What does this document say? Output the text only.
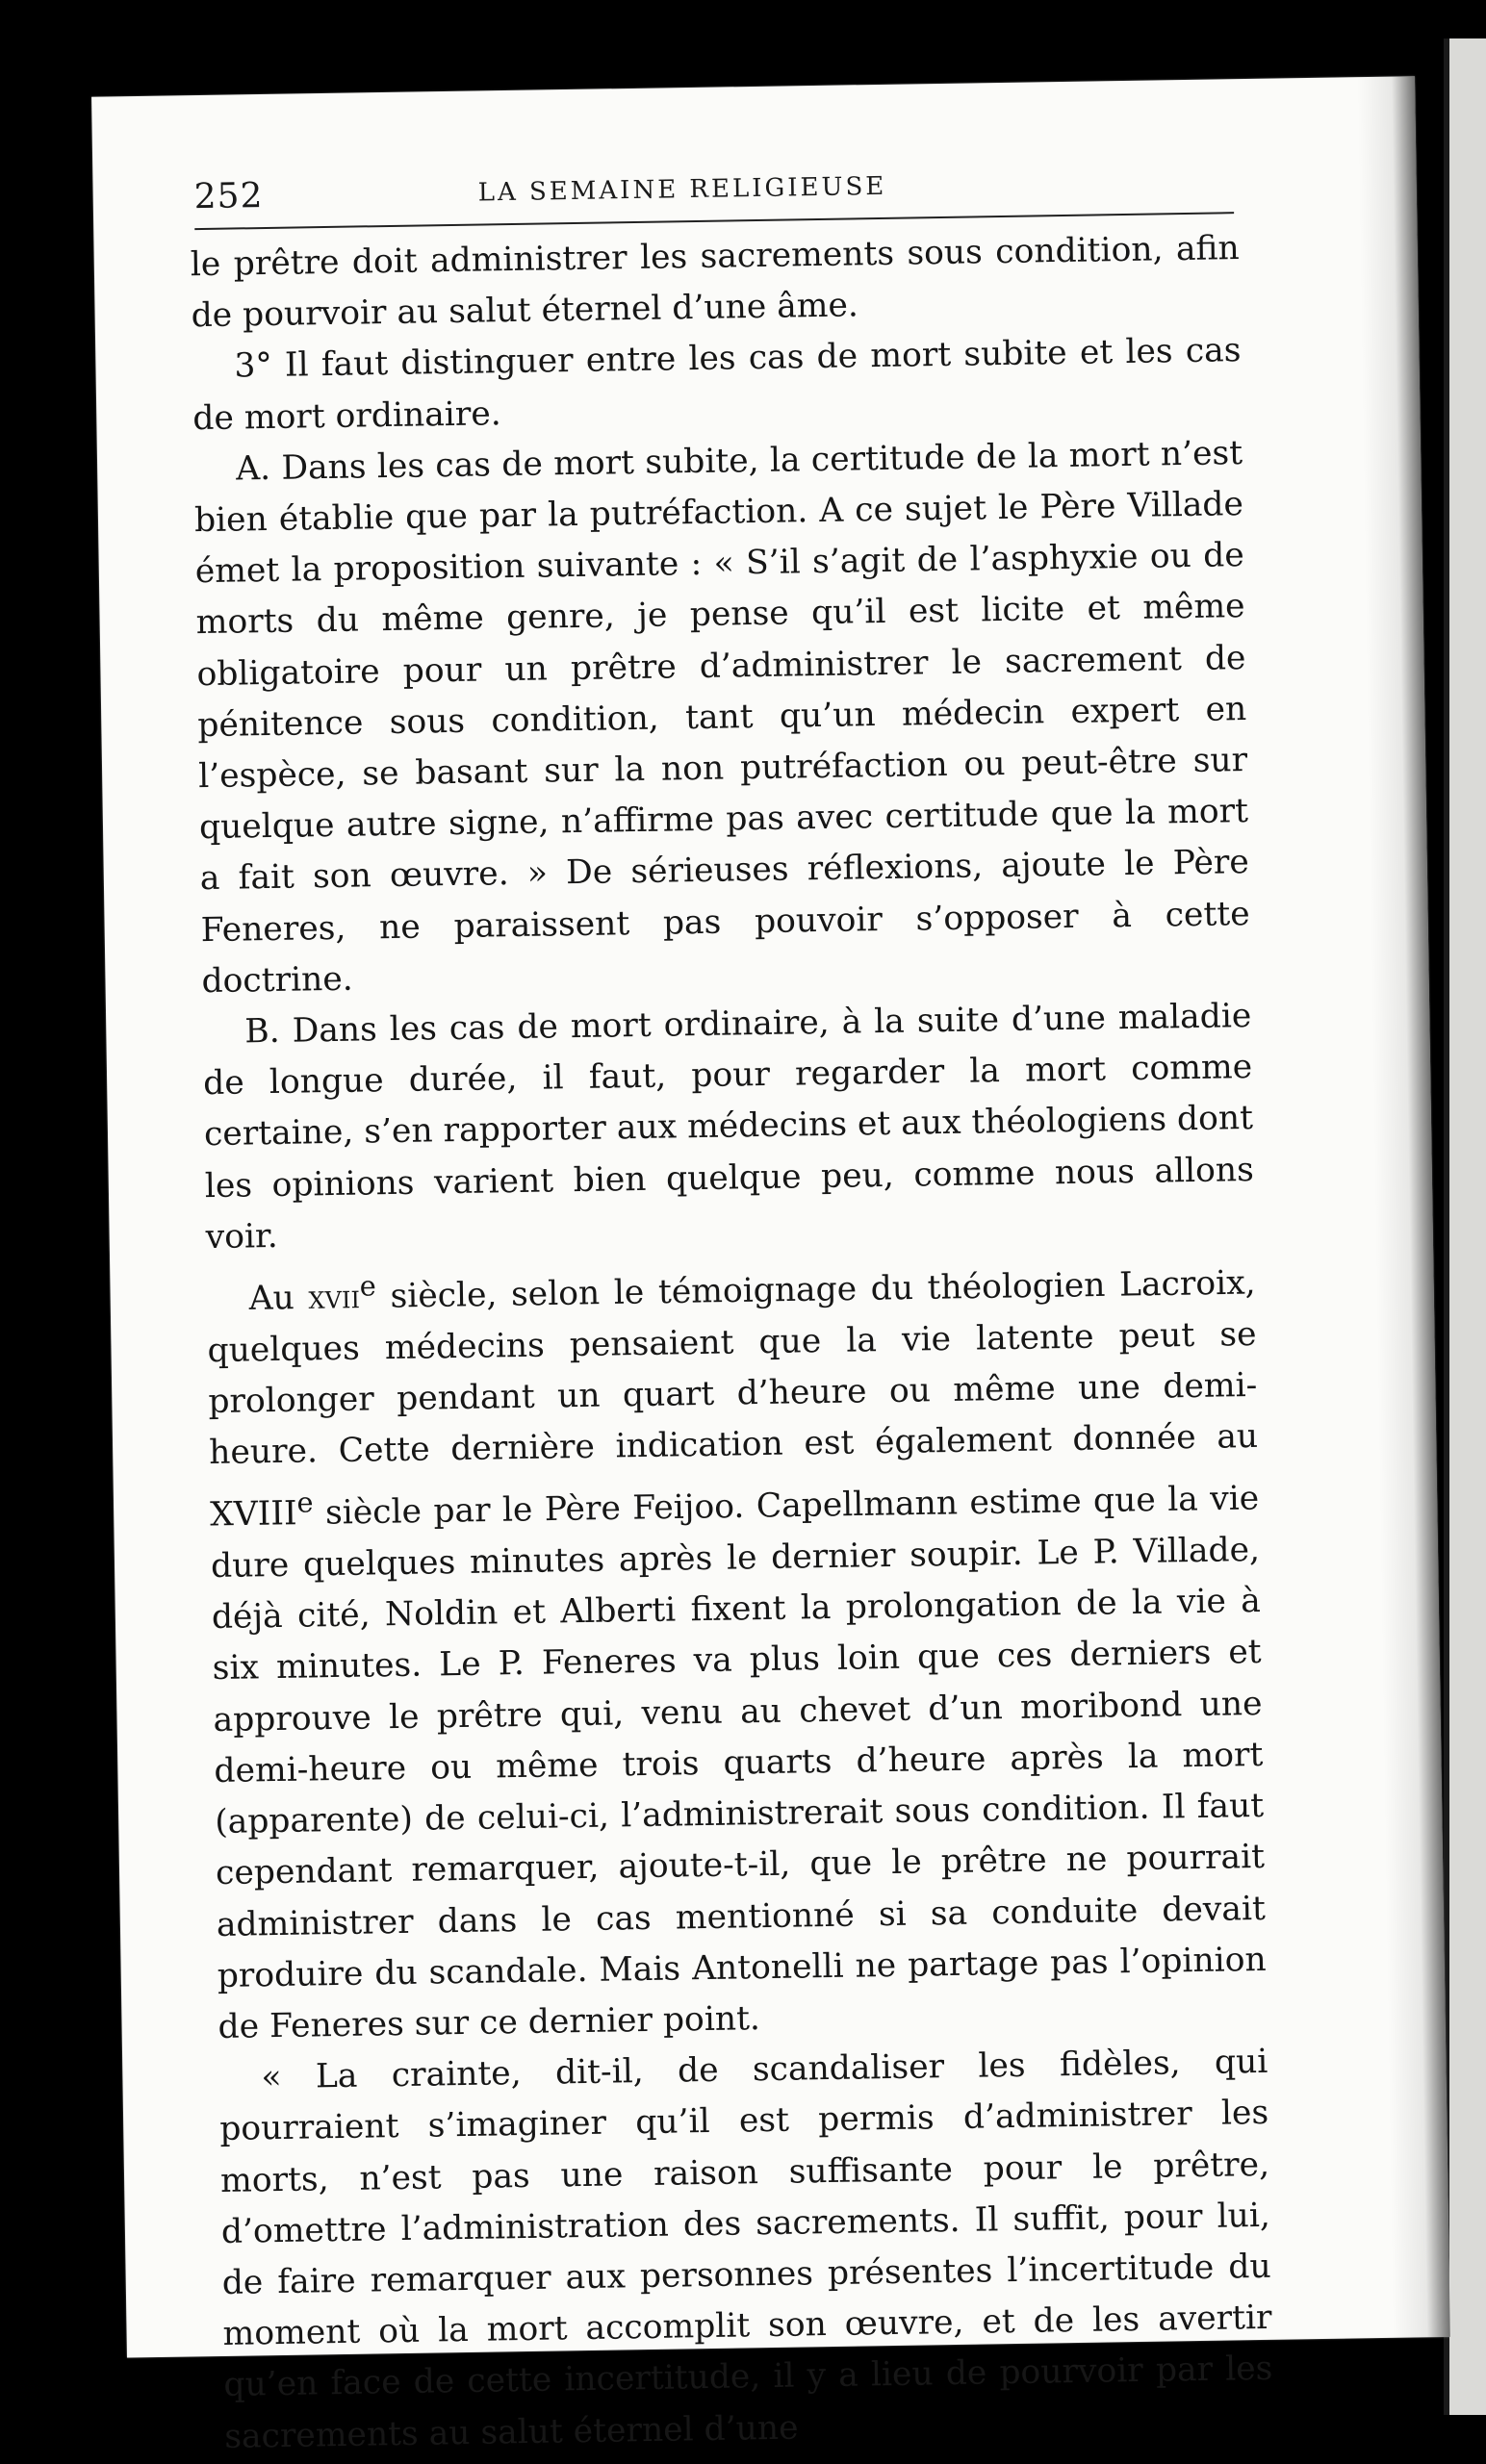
252	LA SEMAINE RELIGIEUSE

le prêtre doit administrer les sacrements sous condition, afin de pourvoir au salut éternel d’une âme.

3° Il faut distinguer entre les cas de mort subite et les cas de mort ordinaire.

A. Dans les cas de mort subite, la certitude de la mort n’est bien établie que par la putréfaction. A ce sujet le Père Villade émet la proposition suivante : « S’il s’agit de l’asphyxie ou de morts du même genre, je pense qu’il est licite et même obligatoire pour un prêtre d’administrer le sacrement de pénitence sous condition, tant qu’un médecin expert en l’espèce, se basant sur la non putréfaction ou peut-être sur quelque autre signe, n’affirme pas avec certitude que la mort a fait son œuvre. » De sérieuses réflexions, ajoute le Père Feneres, ne paraissent pas pouvoir s’opposer à cette doctrine.

B. Dans les cas de mort ordinaire, à la suite d’une maladie de longue durée, il faut, pour regarder la mort comme certaine, s’en rapporter aux médecins et aux théologiens dont les opinions varient bien quelque peu, comme nous allons voir.

Au xvii$^e$ siècle, selon le témoignage du théologien Lacroix, quelques médecins pensaient que la vie latente peut se prolonger pendant un quart d’heure ou même une demi-heure. Cette dernière indication est également donnée au XVIIIe siècle par le Père Feijoo. Capellmann estime que la vie dure quelques minutes après le dernier soupir. Le P. Villade, déjà cité, Noldin et Alberti fixent la prolongation de la vie à six minutes. Le P. Feneres va plus loin que ces derniers et approuve le prêtre qui, venu au chevet d’un moribond une demi-heure ou même trois quarts d’heure après la mort (apparente) de celui-ci, l’administrerait sous condition. Il faut cependant remarquer, ajoute-t-il, que le prêtre ne pourrait administrer dans le cas mentionné si sa conduite devait produire du scandale. Mais Antonelli ne partage pas l’opinion de Feneres sur ce dernier point.

« La crainte, dit-il, de scandaliser les fidèles, qui pourraient s’imaginer qu’il est permis d’administrer les morts, n’est pas une raison suffisante pour le prêtre, d’omettre l’administration des sacrements. Il suffit, pour lui, de faire remarquer aux personnes présentes l’incertitude du moment où la mort accomplit son œuvre, et de les avertir qu’en face de cette incertitude, il y a lieu de pourvoir par les sacrements au salut éternel d’une
